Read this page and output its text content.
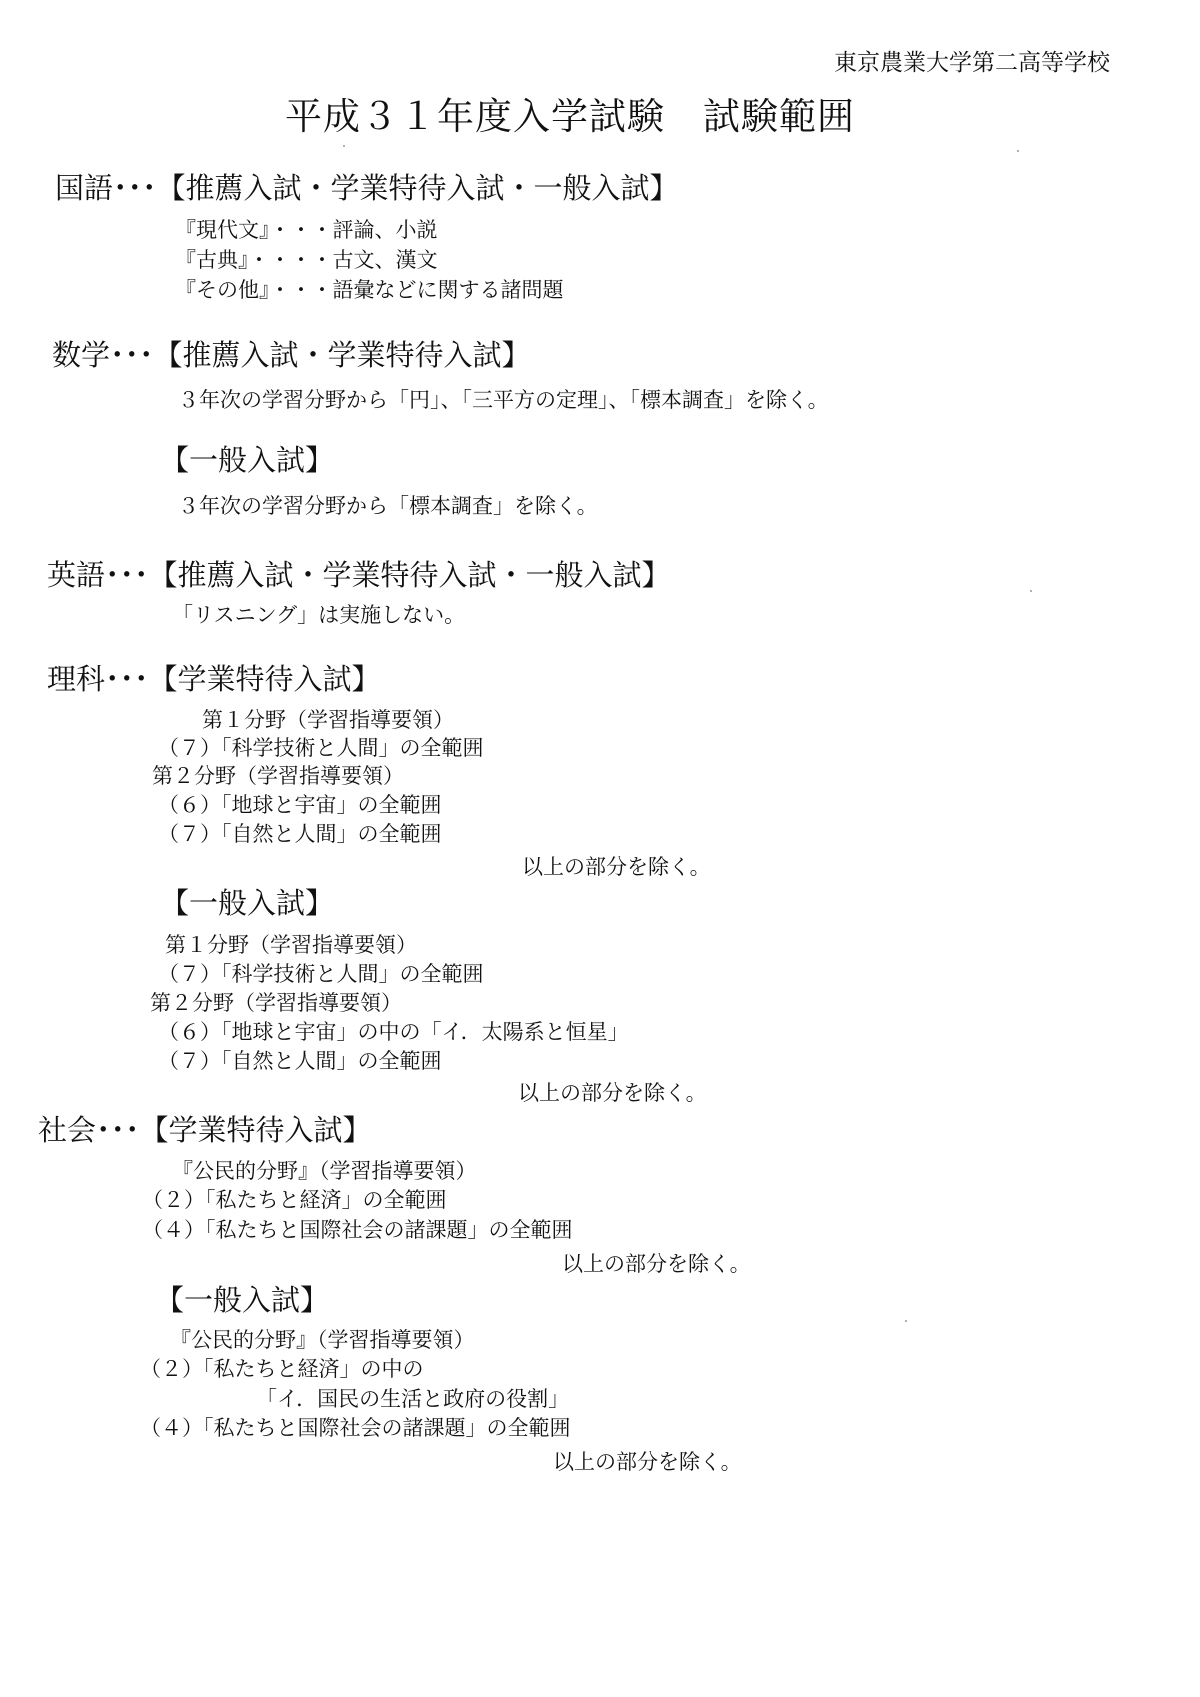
東京農業大学第二高等学校
平成３１年度入学試験　試験範囲
国語･･･【推薦入試・学業特待入試・一般入試】
『現代文』・・・評論、小説
『古典』・・・・古文、漢文
『その他』・・・語彙などに関する諸問題
数学･･･【推薦入試・学業特待入試】
３年次の学習分野から「円」、「三平方の定理」、「標本調査」を除く。
【一般入試】
３年次の学習分野から「標本調査」を除く。
英語･･･【推薦入試・学業特待入試・一般入試】
「リスニング」は実施しない。
理科･･･【学業特待入試】
第１分野（学習指導要領）
（７）「科学技術と人間」の全範囲
第２分野（学習指導要領）
（６）「地球と宇宙」の全範囲
（７）「自然と人間」の全範囲
以上の部分を除く。
【一般入試】
第１分野（学習指導要領）
（７）「科学技術と人間」の全範囲
第２分野（学習指導要領）
（６）「地球と宇宙」の中の「イ．太陽系と恒星」
（７）「自然と人間」の全範囲
以上の部分を除く。
社会･･･【学業特待入試】
『公民的分野』（学習指導要領）
（２）「私たちと経済」の全範囲
（４）「私たちと国際社会の諸課題」の全範囲
以上の部分を除く。
【一般入試】
『公民的分野』（学習指導要領）
（２）「私たちと経済」の中の
「イ．国民の生活と政府の役割」
（４）「私たちと国際社会の諸課題」の全範囲
以上の部分を除く。
